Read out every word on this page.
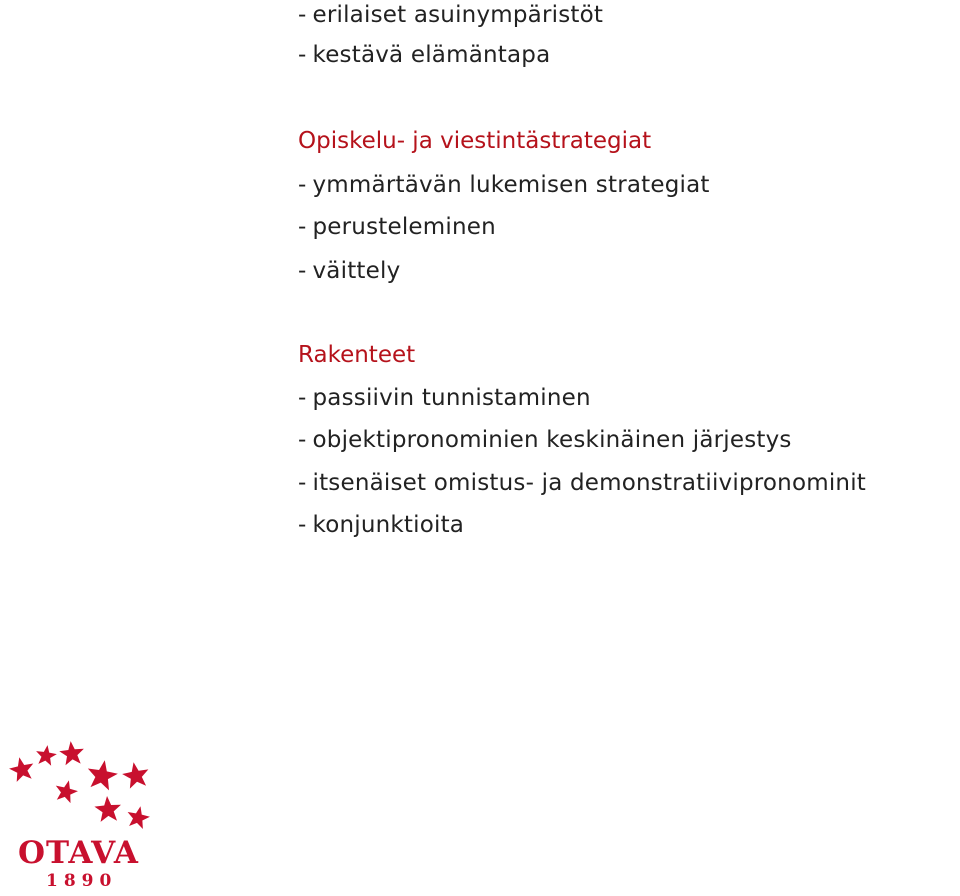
- erilaiset asuinympäristöt
- kestävä elämäntapa
Opiskelu- ja viestintästrategiat
- ymmärtävän lukemisen strategiat
- perusteleminen
- väittely
Rakenteet
- passiivin tunnistaminen
- objektipronominien keskinäinen järjestys
- itsenäiset omistus- ja demonstratiivipronominit
- konjunktioita
OTAVA
1890
